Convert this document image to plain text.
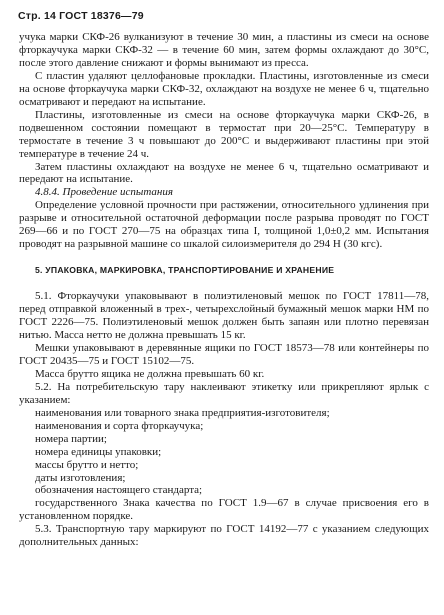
Стр. 14 ГОСТ 18376—79

учука марки СКФ-26 вулканизуют в течение 30 мин, а пластины из смеси на основе фторкаучука марки СКФ-32 — в течение 60 мин, затем формы охлаждают до 30°С, после этого давление снижают и формы вынимают из пресса.

С пластин удаляют целлофановые прокладки. Пластины, изготовленные из смеси на основе фторкаучука марки СКФ-32, охлаждают на воздухе не менее 6 ч, тщательно осматривают и передают на испытание.

Пластины, изготовленные из смеси на основе фторкаучука марки СКФ-26, в подвешенном состоянии помещают в термостат при 20—25°С. Температуру в термостате в течение 3 ч повышают до 200°С и выдерживают пластины при этой температуре в течение 24 ч.

Затем пластины охлаждают на воздухе не менее 6 ч, тщательно осматривают и передают на испытание.

4.8.4. Проведение испытания

Определение условной прочности при растяжении, относительного удлинения при разрыве и относительной остаточной деформации после разрыва проводят по ГОСТ 269—66 и по ГОСТ 270—75 на образцах типа I, толщиной 1,0±0,2 мм. Испытания проводят на разрывной машине со шкалой силоизмерителя до 294 Н (30 кгс).

5. УПАКОВКА, МАРКИРОВКА, ТРАНСПОРТИРОВАНИЕ И ХРАНЕНИЕ

5.1. Фторкаучуки упаковывают в полиэтиленовый мешок по ГОСТ 17811—78, перед отправкой вложенный в трех-, четырехслойный бумажный мешок марки НМ по ГОСТ 2226—75. Полиэтиленовый мешок должен быть запаян или плотно перевязан нитью. Масса нетто не должна превышать 15 кг.

Мешки упаковывают в деревянные ящики по ГОСТ 18573—78 или контейнеры по ГОСТ 20435—75 и ГОСТ 15102—75.

Масса брутто ящика не должна превышать 60 кг.

5.2. На потребительскую тару наклеивают этикетку или прикрепляют ярлык с указанием:

наименования или товарного знака предприятия-изготовителя;

наименования и сорта фторкаучука;

номера партии;

номера единицы упаковки;

массы брутто и нетто;

даты изготовления;

обозначения настоящего стандарта;

государственного Знака качества по ГОСТ 1.9—67 в случае присвоения его в установленном порядке.

5.3. Транспортную тару маркируют по ГОСТ 14192—77 с указанием следующих дополнительных данных:
